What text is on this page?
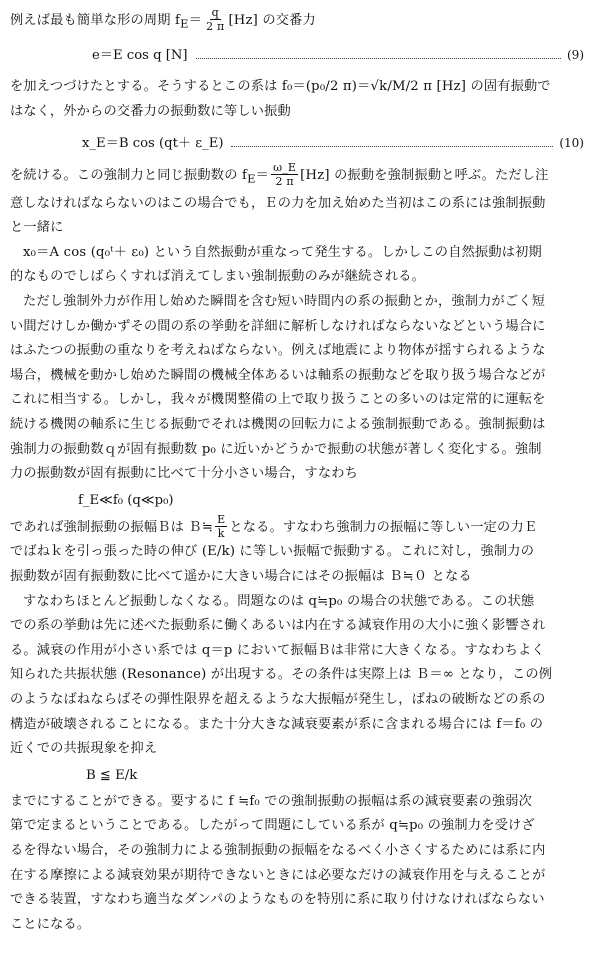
例えば最も簡単な形の周期 $f_E= \frac{q}{2 \pi} [Hz]$ の交番力

e＝E cos q [N]	(9)

を加えつづけたとする。そうするとこの系は f₀＝(p₀/2 π)＝√k/M/2 π [Hz] の固有振動で

はなく，外からの交番力の振動数に等しい振動

x_E＝B cos (qt＋ ε_E)	(10)

を続ける。この強制力と同じ振動数の $f_E= \frac{\omega\_E}{2 \pi} [Hz]$ の振動を強制振動と呼ぶ。ただし注

意しなければならないのはこの場合でも，Ｅの力を加え始めた当初はこの系には強制振動

と一緒に

x₀＝A cos (q₀ᵗ＋ ε₀) という自然振動が重なって発生する。しかしこの自然振動は初期

的なものでしばらくすれば消えてしまい強制振動のみが継続される。

ただし強制外力が作用し始めた瞬間を含む短い時間内の系の振動とか，強制力がごく短

い間だけしか働かずその間の系の挙動を詳細に解析しなければならないなどという場合に

はふたつの振動の重なりを考えねばならない。例えば地震により物体が揺すられるような

場合，機械を動かし始めた瞬間の機械全体あるいは軸系の振動などを取り扱う場合などが

これに相当する。しかし，我々が機関整備の上で取り扱うことの多いのは定常的に運転を

続ける機関の軸系に生じる振動でそれは機関の回転力による強制振動である。強制振動は

強制力の振動数ｑが固有振動数 p₀ に近いかどうかで振動の状態が著しく変化する。強制

力の振動数が固有振動に比べて十分小さい場合，すなわち

f_E≪f₀ (q≪p₀)

であれば強制振動の振幅Ｂは Ｂ≒ $\frac{E}{k}$ となる。すなわち強制力の振幅に等しい一定の力Ｅ

でばねｋを引っ張った時の伸び (E/k) に等しい振幅で振動する。これに対し，強制力の

振動数が固有振動数に比べて遥かに大きい場合にはその振幅は Ｂ≒０ となる

すなわちほとんど振動しなくなる。問題なのは q≒p₀ の場合の状態である。この状態

での系の挙動は先に述べた振動系に働くあるいは内在する減衰作用の大小に強く影響され

る。減衰の作用が小さい系では q＝p において振幅Ｂは非常に大きくなる。すなわちよく

知られた共振状態 (Resonance) が出現する。その条件は実際上は Ｂ＝∞ となり，この例

のようなばねならばその弾性限界を超えるような大振幅が発生し，ばねの破断などの系の

構造が破壊されることになる。また十分大きな減衰要素が系に含まれる場合には f＝f₀ の

近くでの共振現象を抑え

B ≦ E/k

までにすることができる。要するに f ≒f₀ での強制振動の振幅は系の減衰要素の強弱次

第で定まるということである。したがって問題にしている系が q≒p₀ の強制力を受けざ

るを得ない場合，その強制力による強制振動の振幅をなるべく小さくするためには系に内

在する摩擦による減衰効果が期待できないときには必要なだけの減衰作用を与えることが

できる装置，すなわち適当なダンパのようなものを特別に系に取り付けなければならない

ことになる。
